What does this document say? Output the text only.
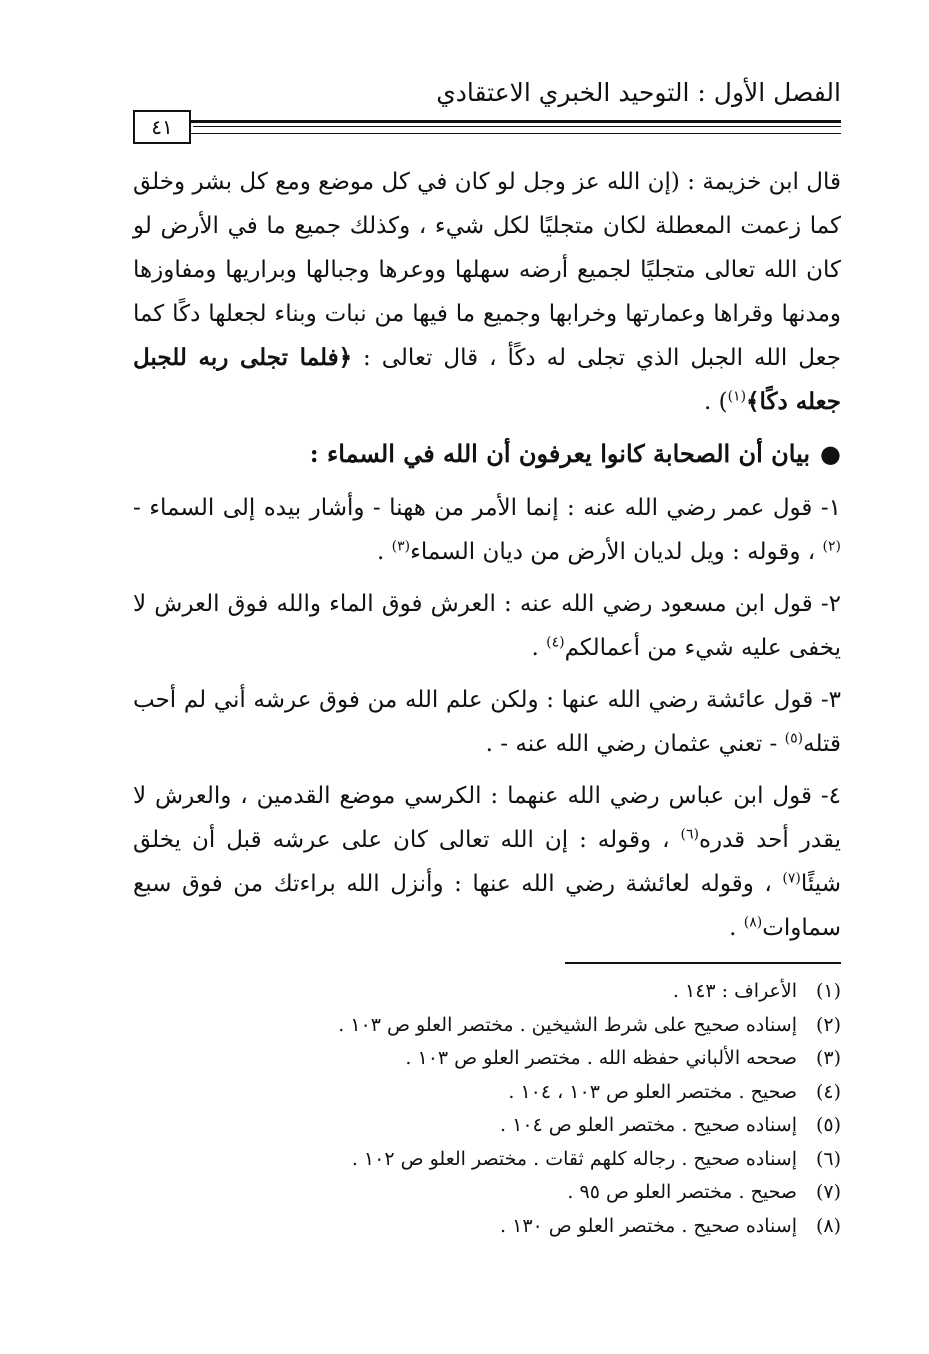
الفصل الأول : التوحيد الخبري الاعتقادي
٤١

قال ابن خزيمة : (إن الله عز وجل لو كان في كل موضع ومع كل بشر وخلق كما زعمت المعطلة لكان متجليًا لكل شيء ، وكذلك جميع ما في الأرض لو كان الله تعالى متجليًا لجميع أرضه سهلها ووعرها وجبالها وبراريها ومفاوزها ومدنها وقراها وعمارتها وخرابها وجميع ما فيها من نبات وبناء لجعلها دكًا كما جعل الله الجبل الذي تجلى له دكًأ ، قال تعالى : ﴿فلما تجلى ربه للجبل جعله دكًا﴾$^{(١)}$) .

●بيان أن الصحابة كانوا يعرفون أن الله في السماء :

١- قول عمر رضي الله عنه : إنما الأمر من ههنا - وأشار بيده إلى السماء -$^{(٢)}$ ، وقوله : ويل لديان الأرض من ديان السماء$^{(٣)}$ .

٢- قول ابن مسعود رضي الله عنه : العرش فوق الماء والله فوق العرش لا يخفى عليه شيء من أعمالكم$^{(٤)}$ .

٣- قول عائشة رضي الله عنها : ولكن علم الله من فوق عرشه أني لم أحب قتله$^{(٥)}$ - تعني عثمان رضي الله عنه - .

٤- قول ابن عباس رضي الله عنهما : الكرسي موضع القدمين ، والعرش لا يقدر أحد قدره$^{(٦)}$ ، وقوله : إن الله تعالى كان على عرشه قبل أن يخلق شيئًا$^{(٧)}$ ، وقوله لعائشة رضي الله عنها : وأنزل الله براءتك من فوق سبع سماوات$^{(٨)}$ .

(١)الأعراف : ١٤٣ .
(٢)إسناده صحيح على شرط الشيخين . مختصر العلو ص ١٠٣ .
(٣)صححه الألباني حفظه الله . مختصر العلو ص ١٠٣ .
(٤)صحيح . مختصر العلو ص ١٠٣ ، ١٠٤ .
(٥)إسناده صحيح . مختصر العلو ص ١٠٤ .
(٦)إسناده صحيح . رجاله كلهم ثقات . مختصر العلو ص ١٠٢ .
(٧)صحيح . مختصر العلو ص ٩٥ .
(٨)إسناده صحيح . مختصر العلو ص ١٣٠ .
